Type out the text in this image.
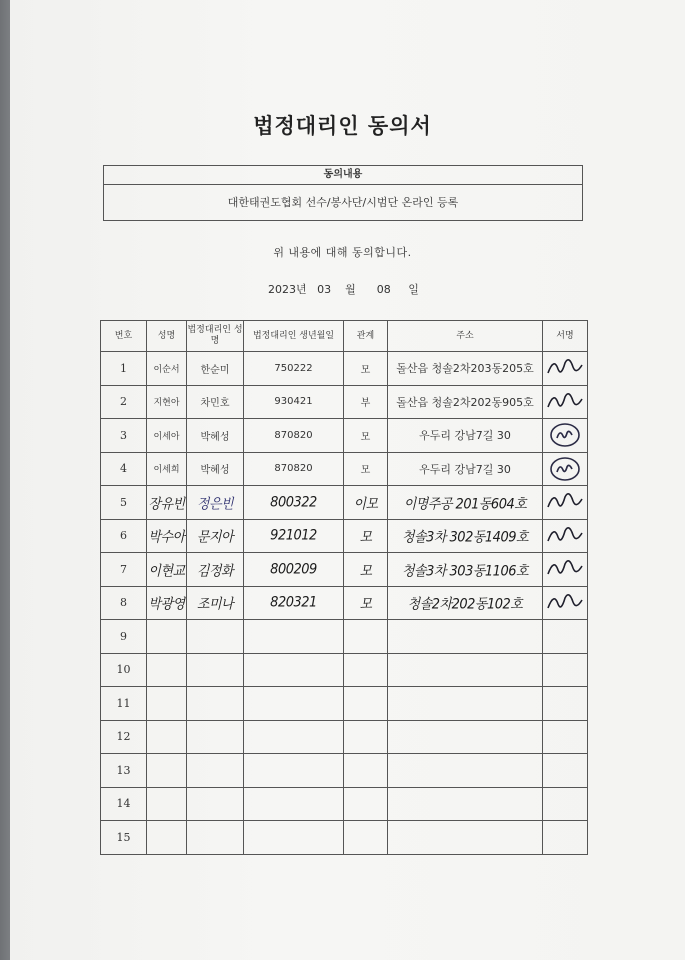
법정대리인 동의서
동의내용
대한태권도협회 선수/봉사단/시범단 온라인 등록
위 내용에 대해 동의합니다.
2023년 03 월 08 일
번호	성명	법정대리인 성명	법정대리인 생년월일	관계	주소	서명
1	이순서	한순미	750222	모	돌산읍 청솔2차203동205호	

2	지현아	차민호	930421	부	돌산읍 청솔2차202동905호	

3	이세아	박혜성	870820	모	우두리 강남7길 30	

4	이세희	박혜성	870820	모	우두리 강남7길 30	

5	장유빈	정은빈	800322	이모	이명주공 201동604호	

6	박수아	문지아	921012	모	청솔3차 302동1409호	

7	이현교	김정화	800209	모	청솔3차 303동1106호	

8	박광영	조미나	820321	모	청솔2차202동102호	

9						
10						
11						
12						
13						
14						
15						
